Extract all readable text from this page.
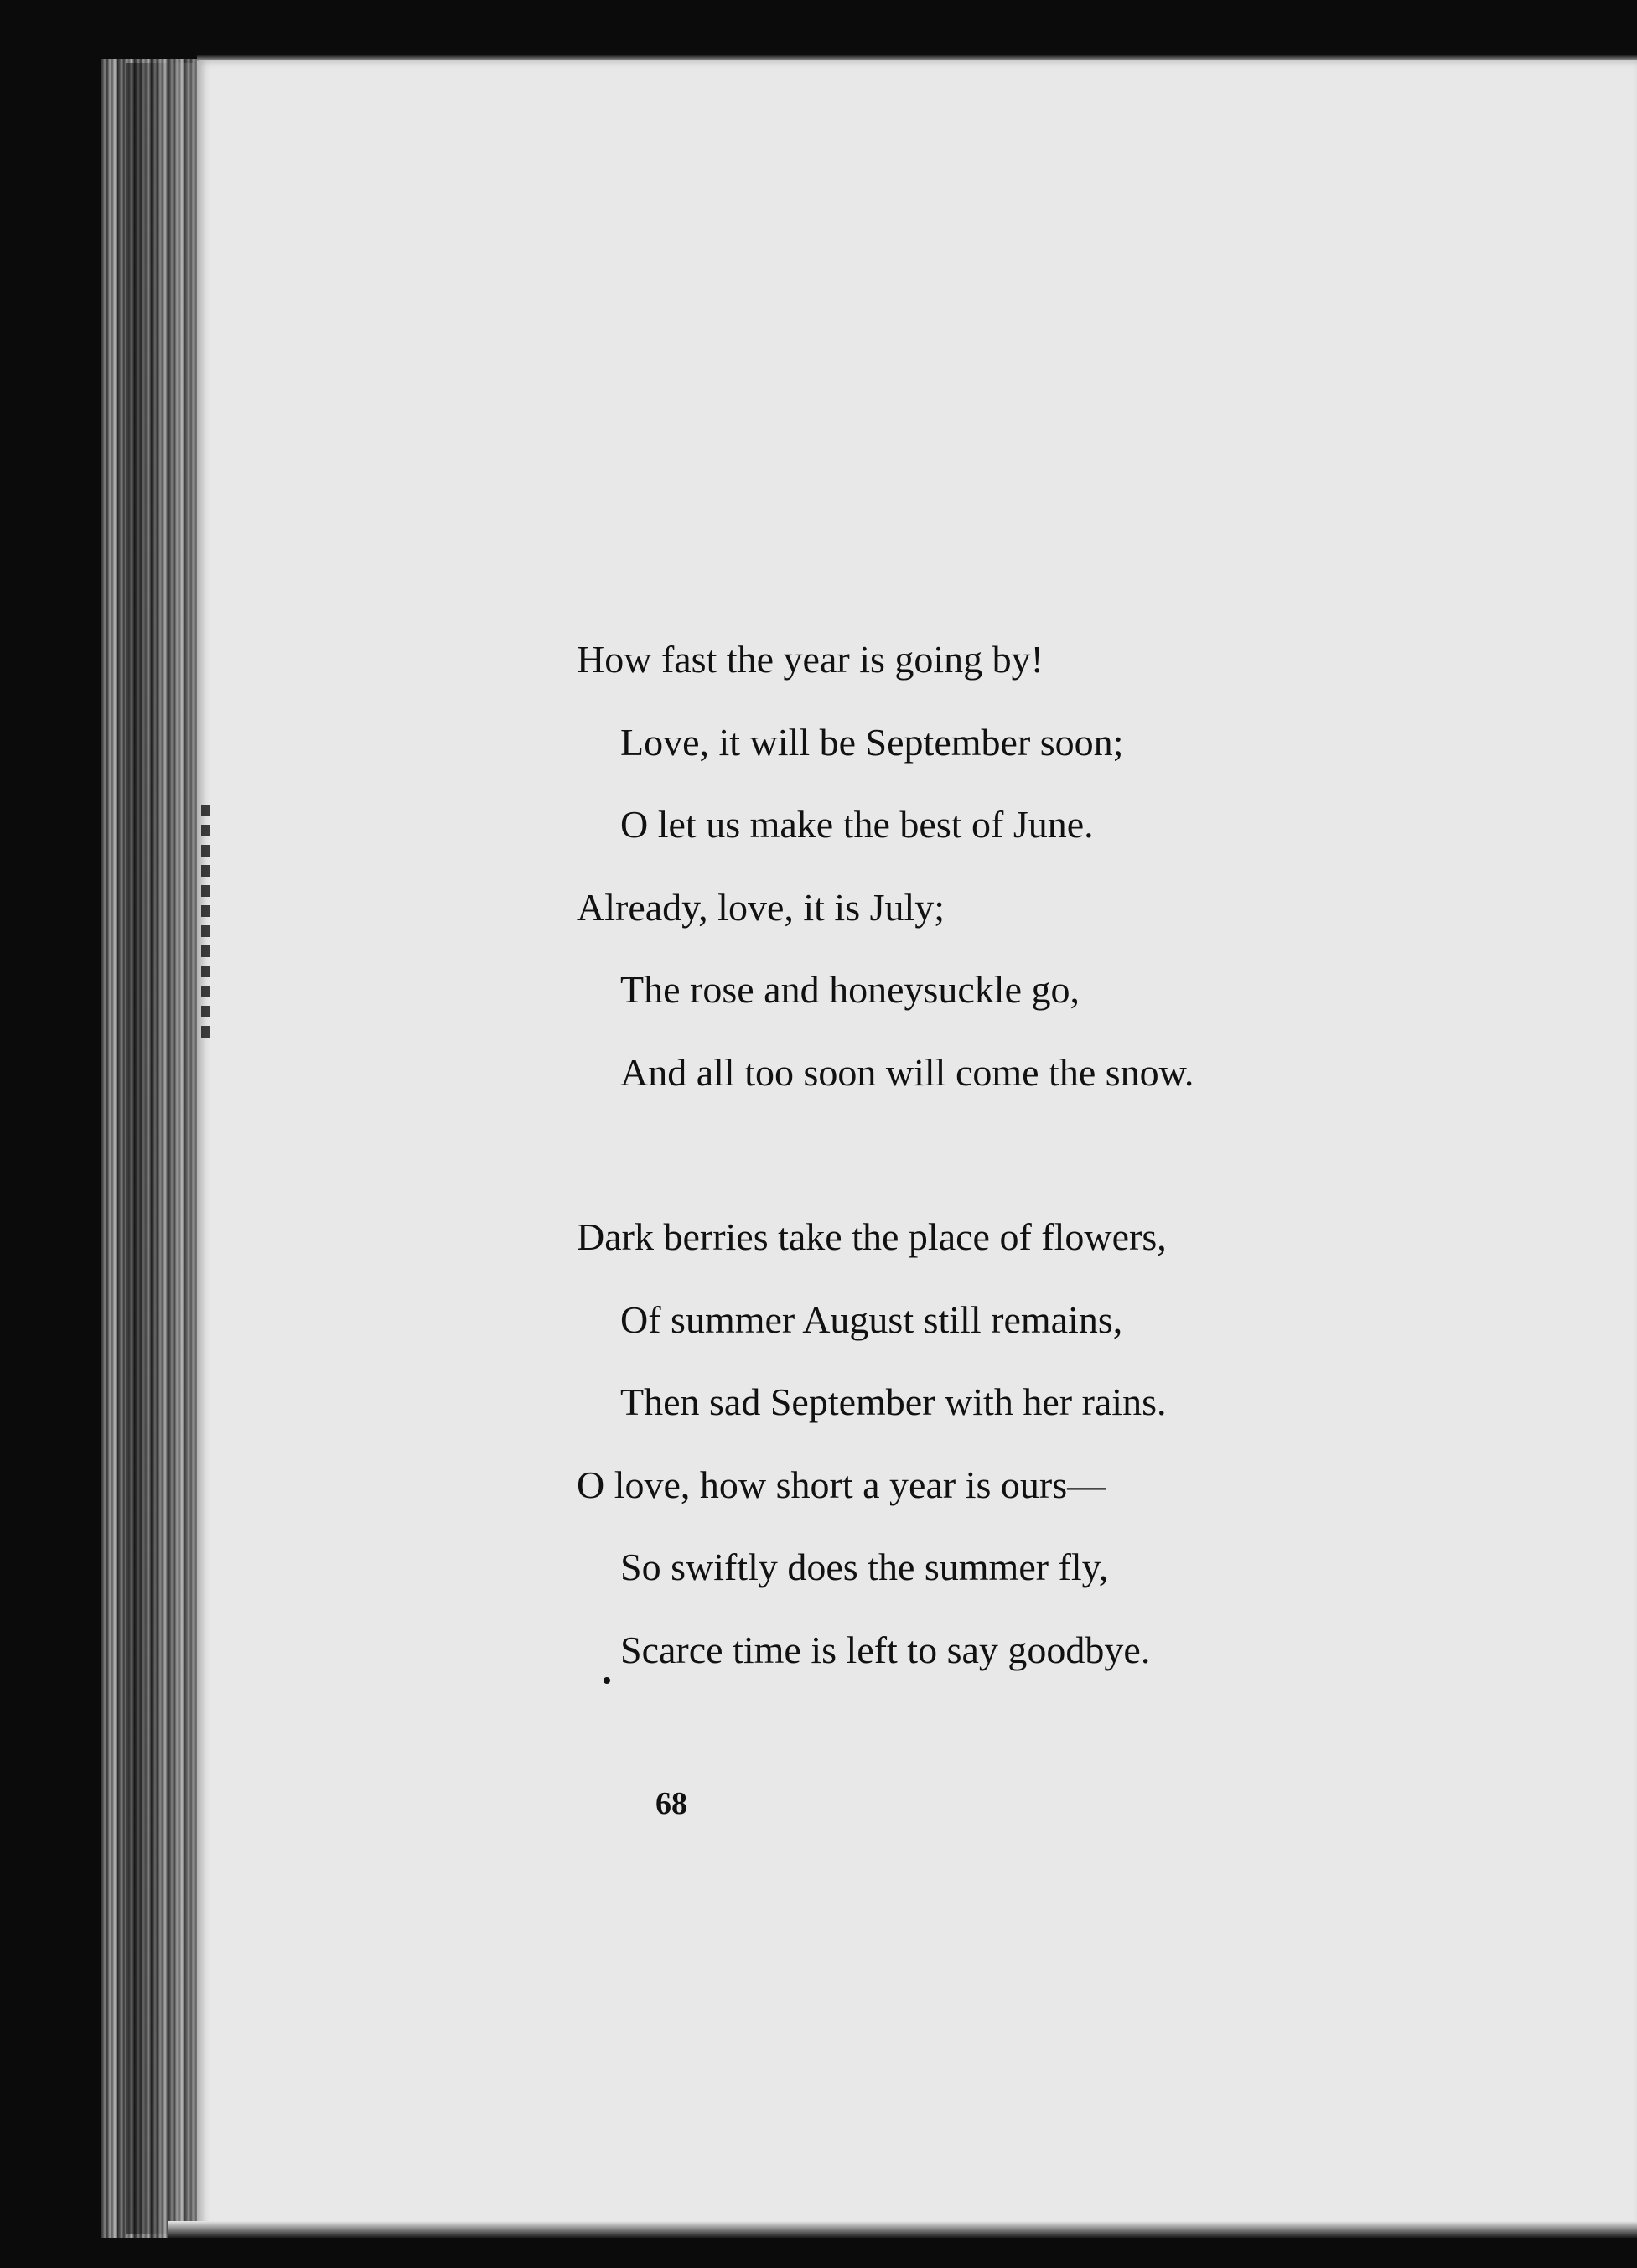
How fast the year is going by!
Love, it will be September soon;
O let us make the best of June.
Already, love, it is July;
The rose and honeysuckle go,
And all too soon will come the snow.
Dark berries take the place of flowers,
Of summer August still remains,
Then sad September with her rains.
O love, how short a year is ours—
So swiftly does the summer fly,
Scarce time is left to say goodbye.
68
